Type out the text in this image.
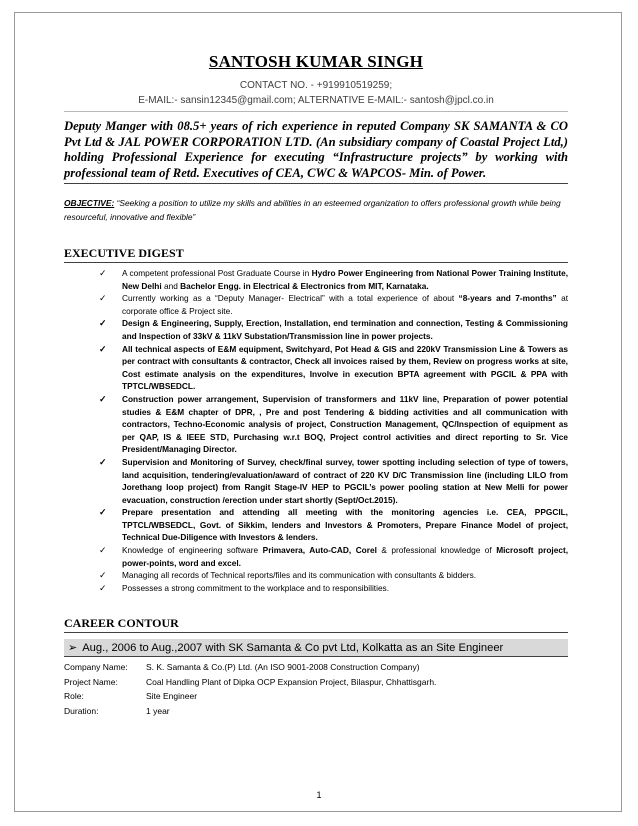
SANTOSH KUMAR SINGH
CONTACT NO. - +919910519259;
E-MAIL:- sansin12345@gmail.com; ALTERNATIVE E-MAIL:- santosh@jpcl.co.in
Deputy Manger with 08.5+ years of rich experience in reputed Company SK SAMANTA & CO Pvt Ltd & JAL POWER CORPORATION LTD. (An subsidiary company of Coastal Project Ltd,) holding Professional Experience for executing “Infrastructure projects” by working with professional team of Retd. Executives of CEA, CWC & WAPCOS- Min. of Power.
OBJECTIVE: “Seeking a position to utilize my skills and abilities in an esteemed organization to offers professional growth while being resourceful, innovative and flexible”
EXECUTIVE DIGEST
✓ A competent professional Post Graduate Course in Hydro Power Engineering from National Power Training Institute, New Delhi and Bachelor Engg. in Electrical & Electronics from MIT, Karnataka.
✓ Currently working as a “Deputy Manager- Electrical” with a total experience of about “8-years and 7-months” at corporate office & Project site.
✓ Design & Engineering, Supply, Erection, Installation, end termination and connection, Testing & Commissioning and Inspection of 33kV & 11kV Substation/Transmission line in power projects.
✓ All technical aspects of E&M equipment, Switchyard, Pot Head & GIS and 220kV Transmission Line & Towers as per contract with consultants & contractor, Check all invoices raised by them, Review on progress works at site, Cost estimate analysis on the expenditures, Involve in execution BPTA agreement with PGCIL & PPA with TPTCL/WBSEDCL.
✓ Construction power arrangement, Supervision of transformers and 11kV line, Preparation of power potential studies & E&M chapter of DPR, , Pre and post Tendering & bidding activities and all communication with contractors, Techno-Economic analysis of project, Construction Management, QC/Inspection of equipment as per QAP, IS & IEEE STD, Purchasing w.r.t BOQ, Project control activities and direct reporting to Sr. Vice President/Managing Director.
✓ Supervision and Monitoring of Survey, check/final survey, tower spotting including selection of type of towers, land acquisition, tendering/evaluation/award of contract of 220 KV D/C Transmission line (including LILO from Jorethang loop project) from Rangit Stage-IV HEP to PGCIL’s power pooling station at New Melli for power evacuation, construction /erection under start shortly (Sept/Oct.2015).
✓ Prepare presentation and attending all meeting with the monitoring agencies i.e. CEA, PPGCIL, TPTCL/WBSEDCL, Govt. of Sikkim, lenders and Investors & Promoters, Prepare Finance Model of project, Technical Due-Diligence with Investors & lenders.
✓ Knowledge of engineering software Primavera, Auto-CAD, Corel & professional knowledge of Microsoft project, power-points, word and excel.
✓ Managing all records of Technical reports/files and its communication with consultants & bidders.
✓ Possesses a strong commitment to the workplace and to responsibilities.
CAREER CONTOUR
➢ Aug., 2006 to Aug.,2007 with SK Samanta & Co pvt Ltd, Kolkatta as an Site Engineer
Company Name:	S. K. Samanta & Co.(P) Ltd. (An ISO 9001-2008 Construction Company)
Project Name:	Coal Handling Plant of Dipka OCP Expansion Project, Bilaspur, Chhattisgarh.
Role:	Site Engineer
Duration:	1 year
1
